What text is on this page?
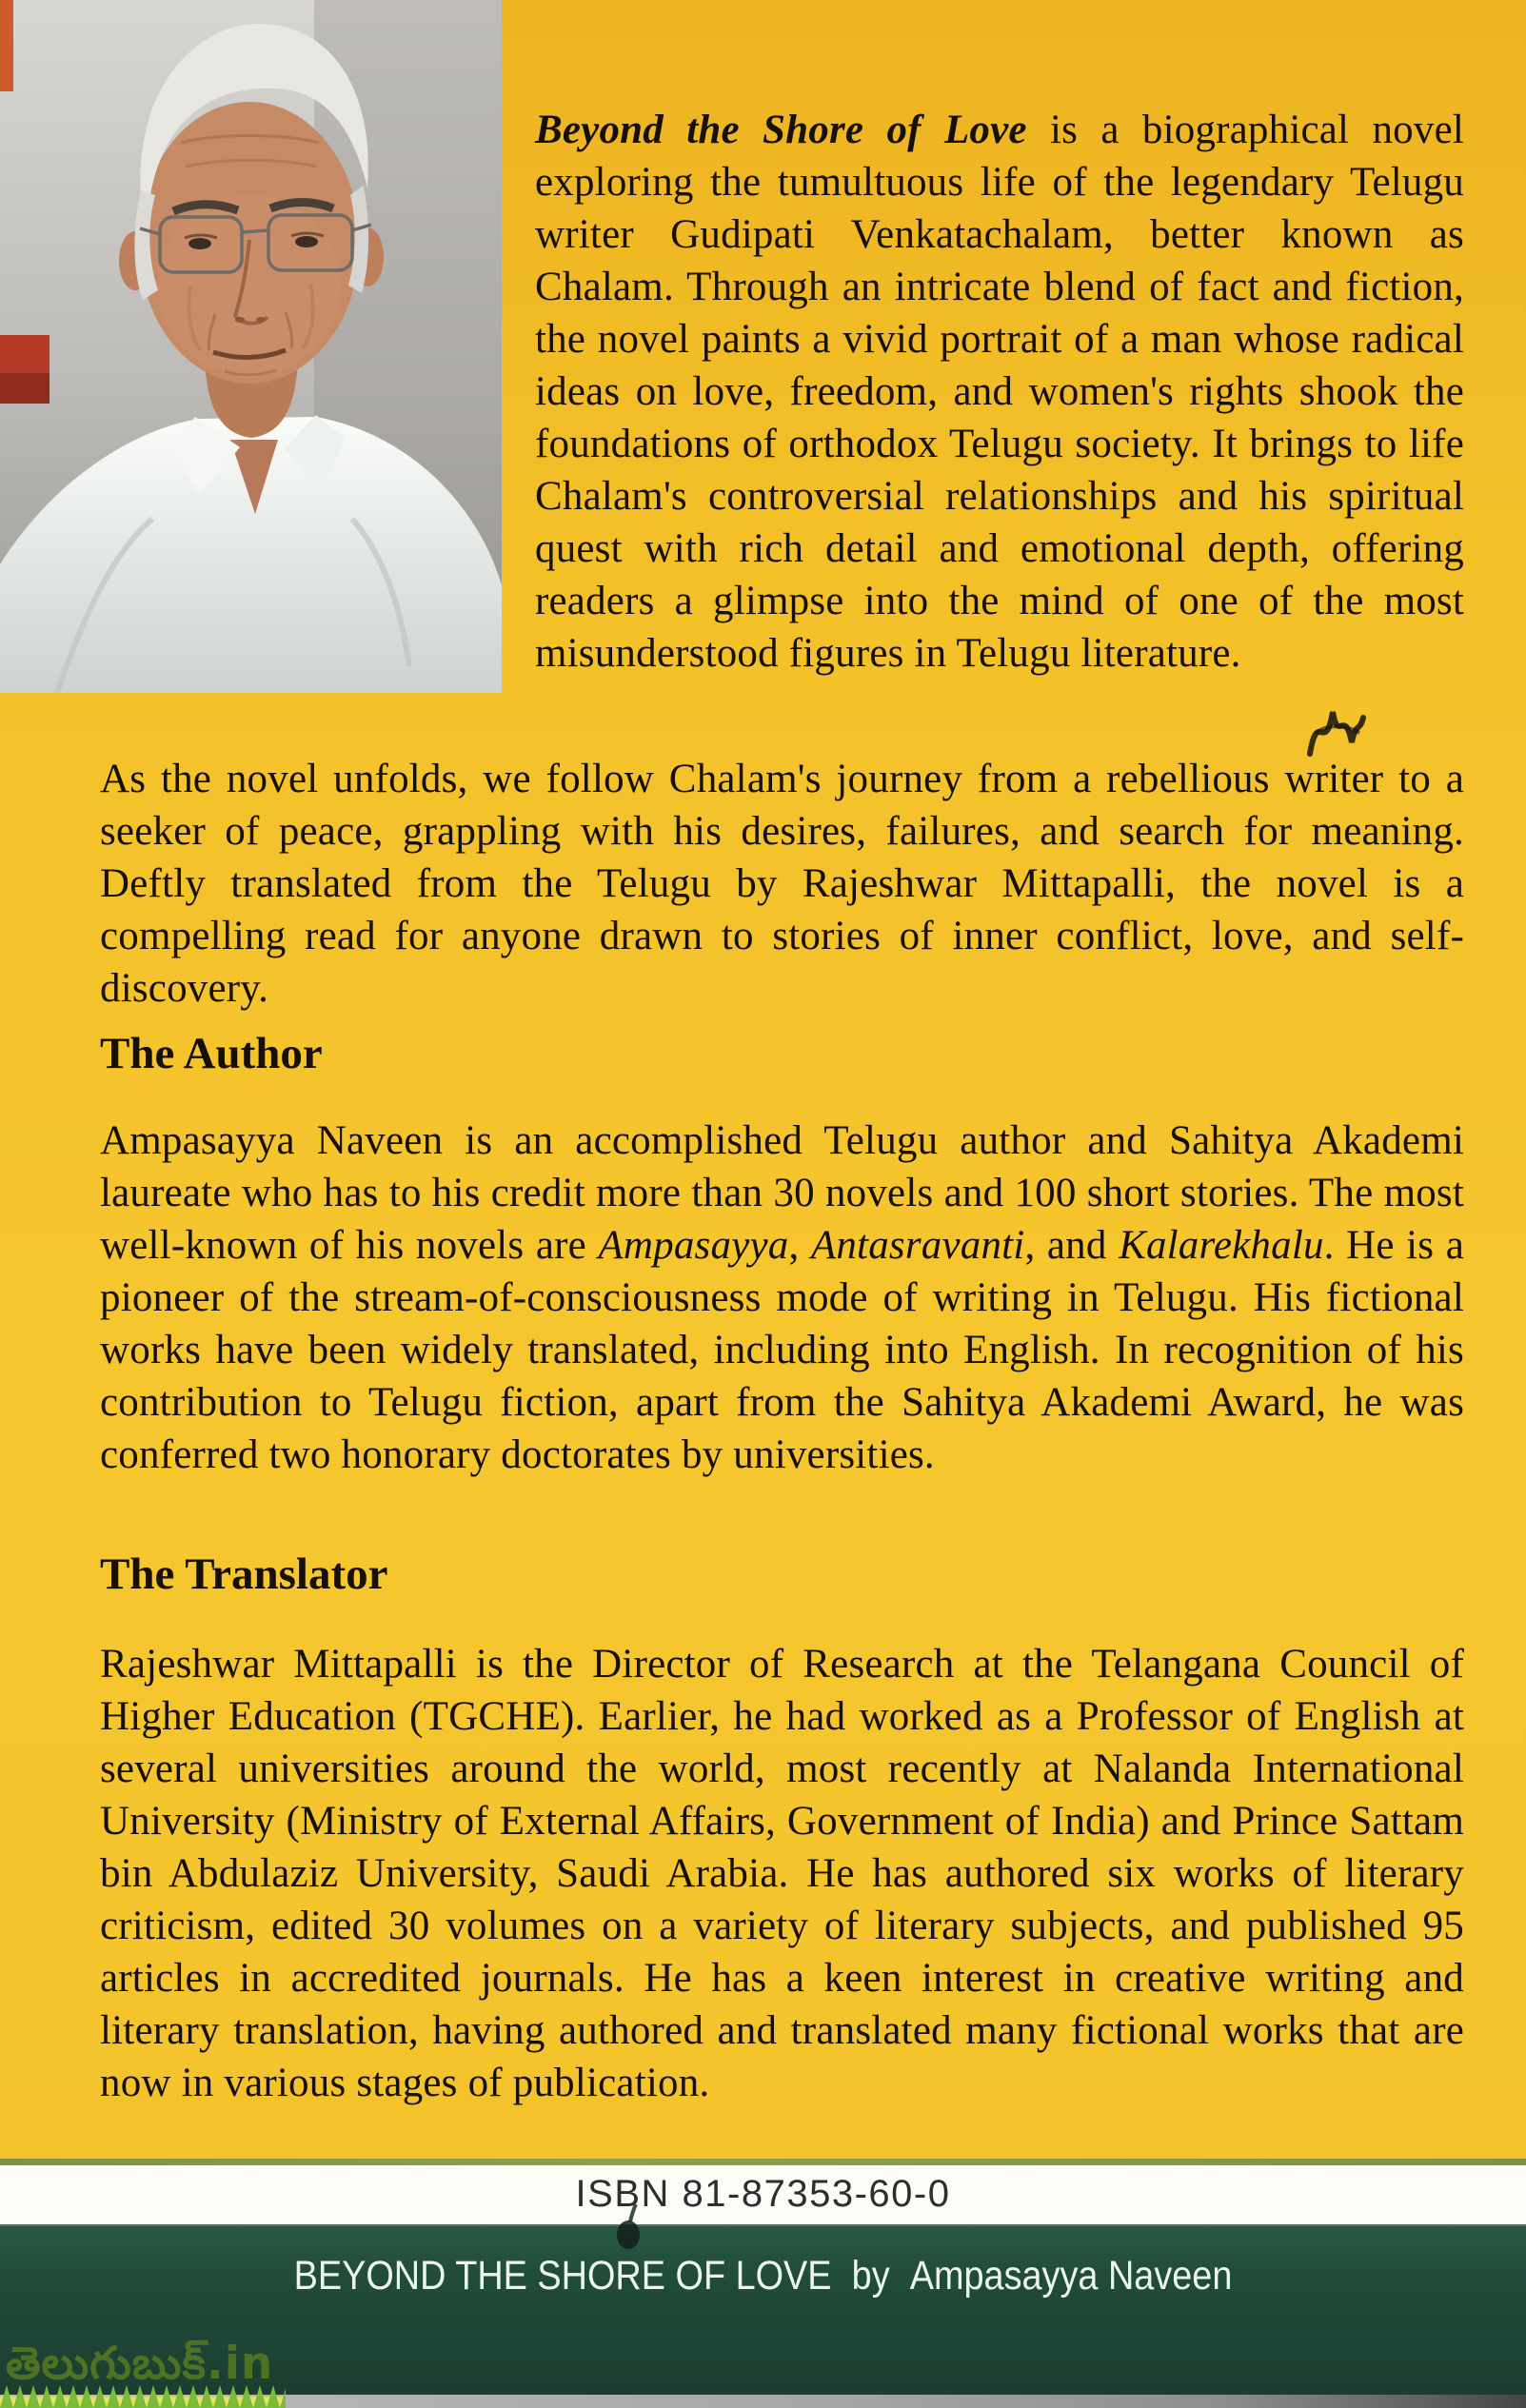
Beyond the Shore of Love is a biographical novel exploring the tumultuous life of the legendary Telugu writer Gudipati Venkatachalam, better known as Chalam. Through an intricate blend of fact and fiction, the novel paints a vivid portrait of a man whose radical ideas on love, freedom, and women's rights shook the foundations of orthodox Telugu society. It brings to life Chalam's controversial relationships and his spiritual quest with rich detail and emotional depth, offering readers a glimpse into the mind of one of the most misunderstood figures in Telugu literature.

As the novel unfolds, we follow Chalam's journey from a rebellious writer to a seeker of peace, grappling with his desires, failures, and search for meaning. Deftly translated from the Telugu by Rajeshwar Mittapalli, the novel is a compelling read for anyone drawn to stories of inner conflict, love, and self-discovery.

The Author

Ampasayya Naveen is an accomplished Telugu author and Sahitya Akademi laureate who has to his credit more than 30 novels and 100 short stories. The most well-known of his novels are Ampasayya, Antasravanti, and Kalarekhalu. He is a pioneer of the stream-of-consciousness mode of writing in Telugu. His fictional works have been widely translated, including into English. In recognition of his contribution to Telugu fiction, apart from the Sahitya Akademi Award, he was conferred two honorary doctorates by universities.

The Translator

Rajeshwar Mittapalli is the Director of Research at the Telangana Council of Higher Education (TGCHE). Earlier, he had worked as a Professor of English at several universities around the world, most recently at Nalanda International University (Ministry of External Affairs, Government of India) and Prince Sattam bin Abdulaziz University, Saudi Arabia. He has authored six works of literary criticism, edited 30 volumes on a variety of literary subjects, and published 95 articles in accredited journals. He has a keen interest in creative writing and literary translation, having authored and translated many fictional works that are now in various stages of publication.

ISBN 81-87353-60-0
BEYOND THE SHORE OF LOVE by Ampasayya Naveen
తెలుగుబుక్.in
